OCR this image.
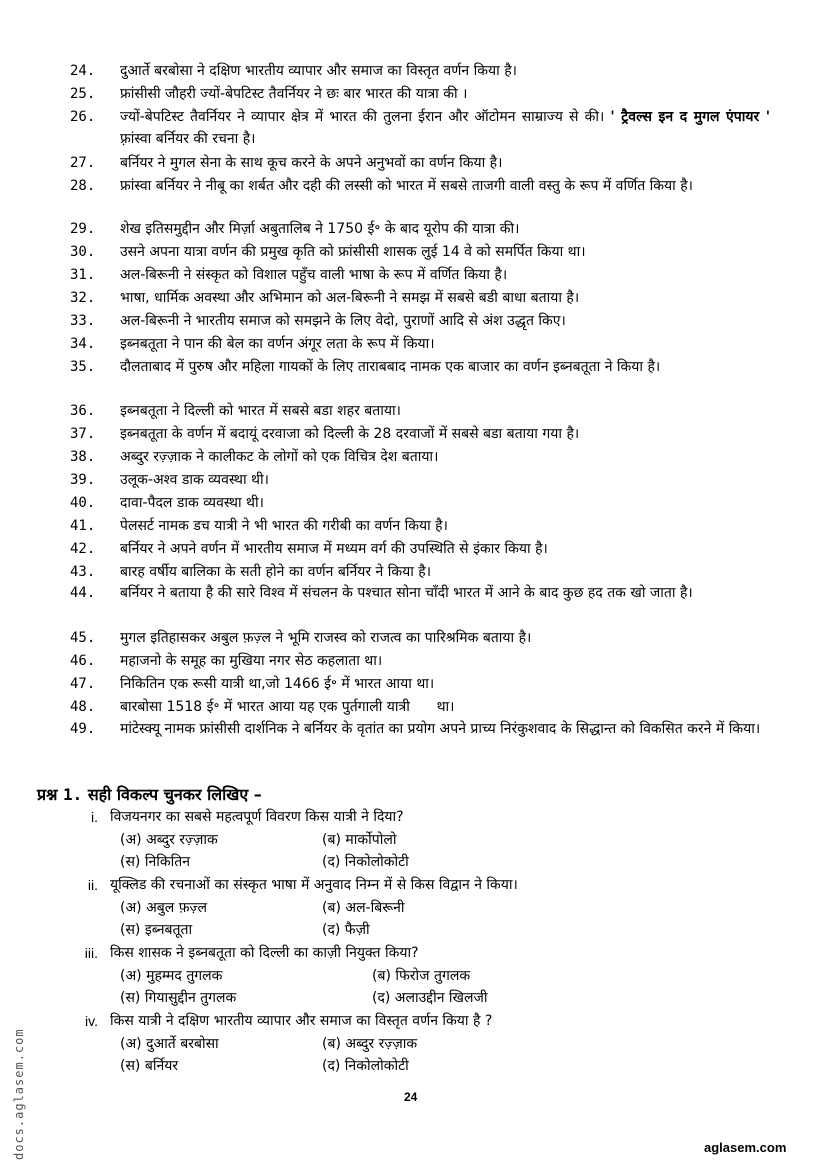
24. दुआर्ते बरबोसा ने दक्षिण भारतीय व्यापार और समाज का विस्तृत वर्णन किया है।
25. फ्रांसीसी जौहरी ज्यों-बेपटिस्ट तैवर्नियर ने छः बार भारत की यात्रा की ।
26. ज्यों-बेपटिस्ट तैवर्नियर ने व्यापार क्षेत्र में भारत की तुलना ईरान और ऑटोमन साम्राज्य से की। ' ट्रैवल्स इन द मुगल एंपायर ' फ़्रांस्वा बर्नियर की रचना है।
27. बर्नियर ने मुगल सेना के साथ कूच करने के अपने अनुभवों का वर्णन किया है।
28. फ्रांस्वा बर्नियर ने नीबू का शर्बत और दही की लस्सी को भारत में सबसे ताजगी वाली वस्तु के रूप में वर्णित किया है।
29. शेख इतिसमुद्दीन और मिर्ज़ा अबुतालिब ने 1750 ई॰ के बाद यूरोप की यात्रा की।
30. उसने अपना यात्रा वर्णन की प्रमुख कृति को फ्रांसीसी शासक लुई 14 वे को समर्पित किया था।
31. अल-बिरूनी ने संस्कृत को विशाल पहुँच वाली भाषा के रूप में वर्णित किया है।
32. भाषा, धार्मिक अवस्था और अभिमान को अल-बिरूनी ने समझ में सबसे बडी बाधा बताया है।
33. अल-बिरूनी ने भारतीय समाज को समझने के लिए वेदो, पुराणों आदि से अंश उद्धृत किए।
34. इब्नबतूता ने पान की बेल का वर्णन अंगूर लता के रूप में किया।
35. दौलताबाद में पुरुष और महिला गायकों के लिए ताराबबाद नामक एक बाजार का वर्णन इब्नबतूता ने किया है।
36. इब्नबतूता ने दिल्ली को भारत में सबसे बडा शहर बताया।
37. इब्नबतूता के वर्णन में बदायूं दरवाजा को दिल्ली के 28 दरवाजों में सबसे बडा बताया गया है।
38. अब्दुर रज़्ज़ाक ने कालीकट के लोगों को एक विचित्र देश बताया।
39. उलूक-अश्व डाक व्यवस्था थी।
40. दावा-पैदल डाक व्यवस्था थी।
41. पेलसर्ट नामक डच यात्री ने भी भारत की गरीबी का वर्णन किया है।
42. बर्नियर ने अपने वर्णन में भारतीय समाज में मध्यम वर्ग की उपस्थिति से इंकार किया है।
43. बारह वर्षीय बालिका के सती होने का वर्णन बर्नियर ने किया है।
44. बर्नियर ने बताया है की सारे विश्व में संचलन के पश्चात सोना चाँदी भारत में आने के बाद कुछ हद तक खो जाता है।
45. मुगल इतिहासकर अबुल फ़ज़्ल ने भूमि राजस्व को राजत्व का पारिश्रमिक बताया है।
46. महाजनो के समूह का मुखिया नगर सेठ कहलाता था।
47. निकितिन एक रूसी यात्री था,जो 1466 ई॰ में भारत आया था।
48. बारबोसा 1518 ई॰ में भारत आया यह एक पुर्तगाली यात्री      था।
49. मांटेस्क्यू नामक फ्रांसीसी दार्शनिक ने बर्नियर के वृतांत का प्रयोग अपने प्राच्य निरंकुशवाद के सिद्धान्त को विकसित करने में किया।
प्रश्न 1. सही विकल्प चुनकर लिखिए –
i. विजयनगर का सबसे महत्वपूर्ण विवरण किस यात्री ने दिया?
(अ) अब्दुर रज़्ज़ाक	(ब) मार्कोपोलो
(स) निकितिन	(द) निकोलोकोटी
ii. यूक्लिड की रचनाओं का संस्कृत भाषा में अनुवाद निम्न में से किस विद्वान ने किया।
(अ) अबुल फ़ज़्ल	(ब) अल-बिरूनी
(स) इब्नबतूता	(द) फैज़ी
iii. किस शासक ने इब्नबतूता को दिल्ली का काज़ी नियुक्त किया?
(अ) मुहम्मद तुगलक	(ब) फिरोज तुगलक
(स) गियासुद्दीन तुगलक	(द) अलाउद्दीन खिलजी
iv. किस यात्री ने दक्षिण भारतीय व्यापार और समाज का विस्तृत वर्णन किया है ?
(अ) दुआर्ते बरबोसा	(ब) अब्दुर रज़्ज़ाक
(स) बर्नियर	(द) निकोलोकोटी
24
aglasem.com
docs.aglasem.com
